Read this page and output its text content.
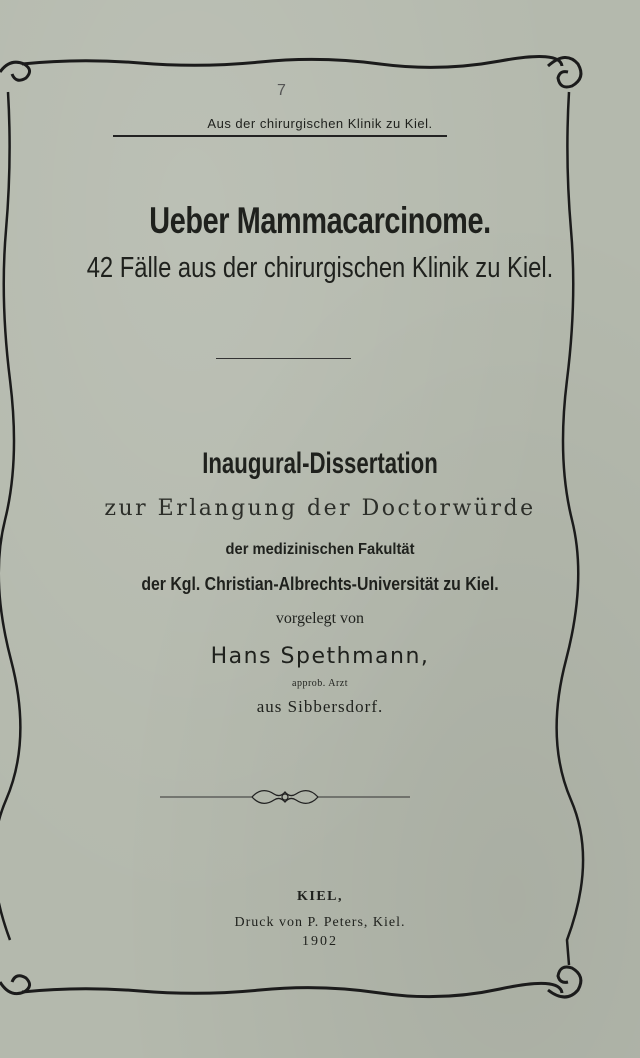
7
Aus der chirurgischen Klinik zu Kiel.
Ueber Mammacarcinome.
42 Fälle aus der chirurgischen Klinik zu Kiel.
Inaugural-Dissertation
zur Erlangung der Doctorwürde
der medizinischen Fakultät
der Kgl. Christian-Albrechts-Universität zu Kiel.
vorgelegt von
Hans Spethmann,
approb. Arzt
aus Sibbersdorf.
KIEL,
Druck von P. Peters, Kiel.
1902
